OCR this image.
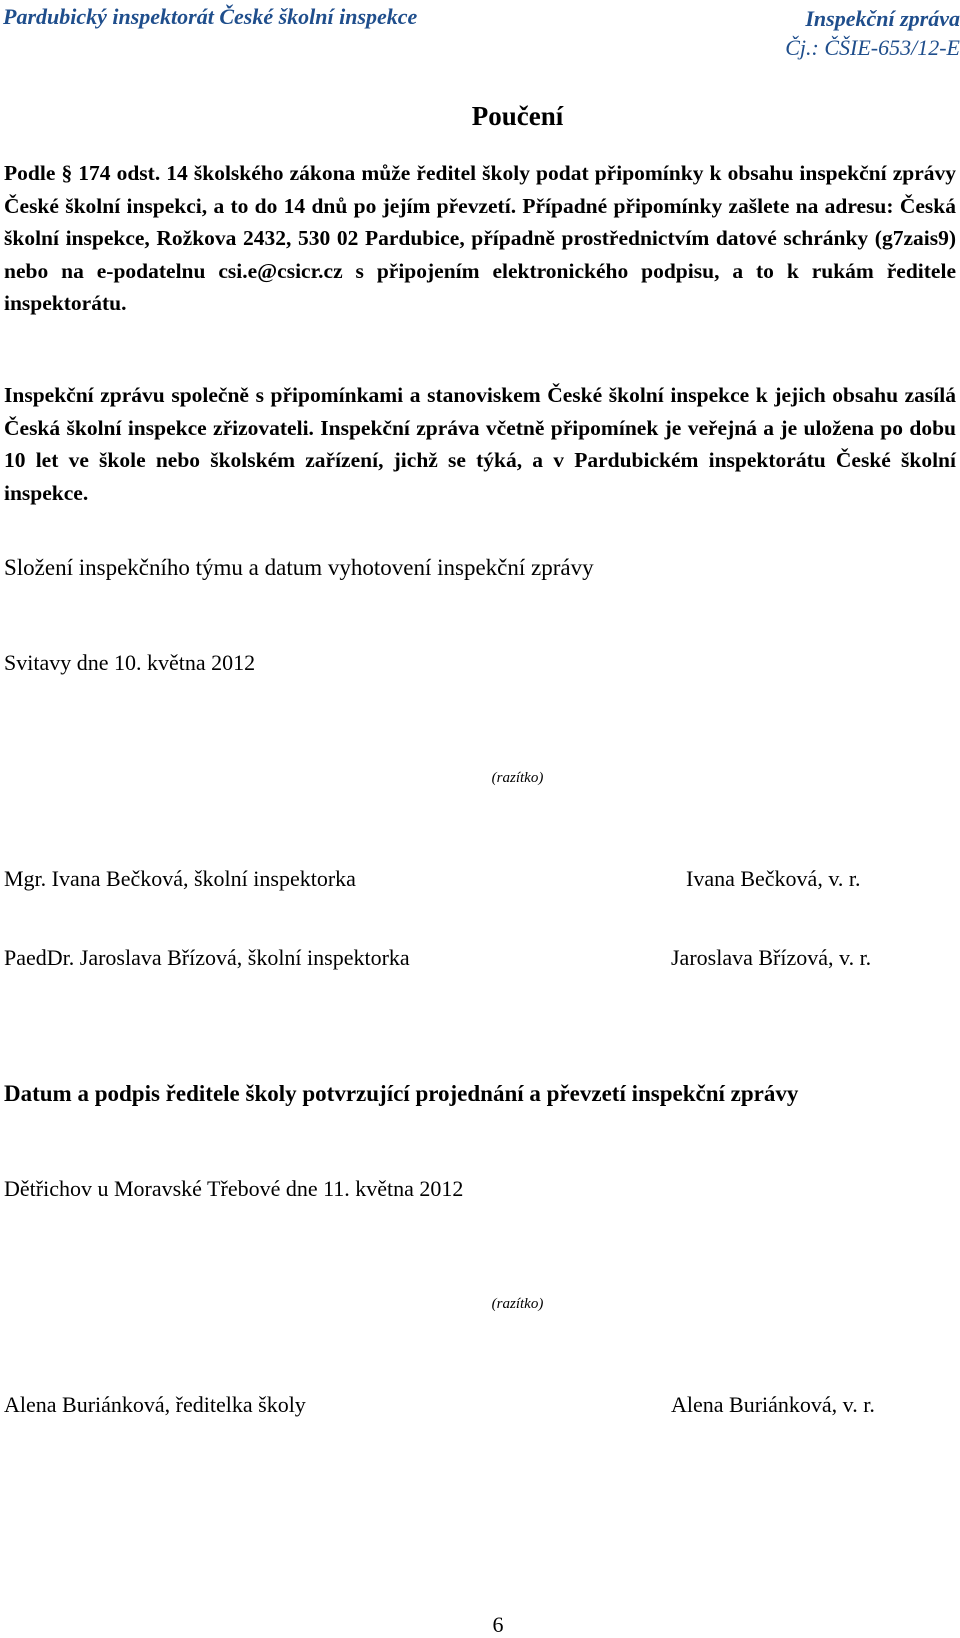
Pardubický inspektorát České školní inspekce	Inspekční zpráva
Čj.: ČŠIE-653/12-E
Poučení
Podle § 174 odst. 14 školského zákona může ředitel školy podat připomínky k obsahu inspekční zprávy České školní inspekci, a to do 14 dnů po jejím převzetí. Případné připomínky zašlete na adresu: Česká školní inspekce, Rožkova 2432, 530 02 Pardubice, případně prostřednictvím datové schránky (g7zais9) nebo na e-podatelnu csi.e@csicr.cz s připojením elektronického podpisu, a to k rukám ředitele inspektorátu.
Inspekční zprávu společně s připomínkami a stanoviskem České školní inspekce k jejich obsahu zasílá Česká školní inspekce zřizovateli. Inspekční zpráva včetně připomínek je veřejná a je uložena po dobu 10 let ve škole nebo školském zařízení, jichž se týká, a v Pardubickém inspektorátu České školní inspekce.
Složení inspekčního týmu a datum vyhotovení inspekční zprávy
Svitavy dne 10. května 2012
(razítko)
Mgr. Ivana Bečková, školní inspektorka	Ivana Bečková, v. r.
PaedDr. Jaroslava Břízová, školní inspektorka	Jaroslava Břízová, v. r.
Datum a podpis ředitele školy potvrzující projednání a převzetí inspekční zprávy
Dětřichov u Moravské Třebové dne 11. května 2012
(razítko)
Alena Buriánková, ředitelka školy	Alena Buriánková, v. r.
6
